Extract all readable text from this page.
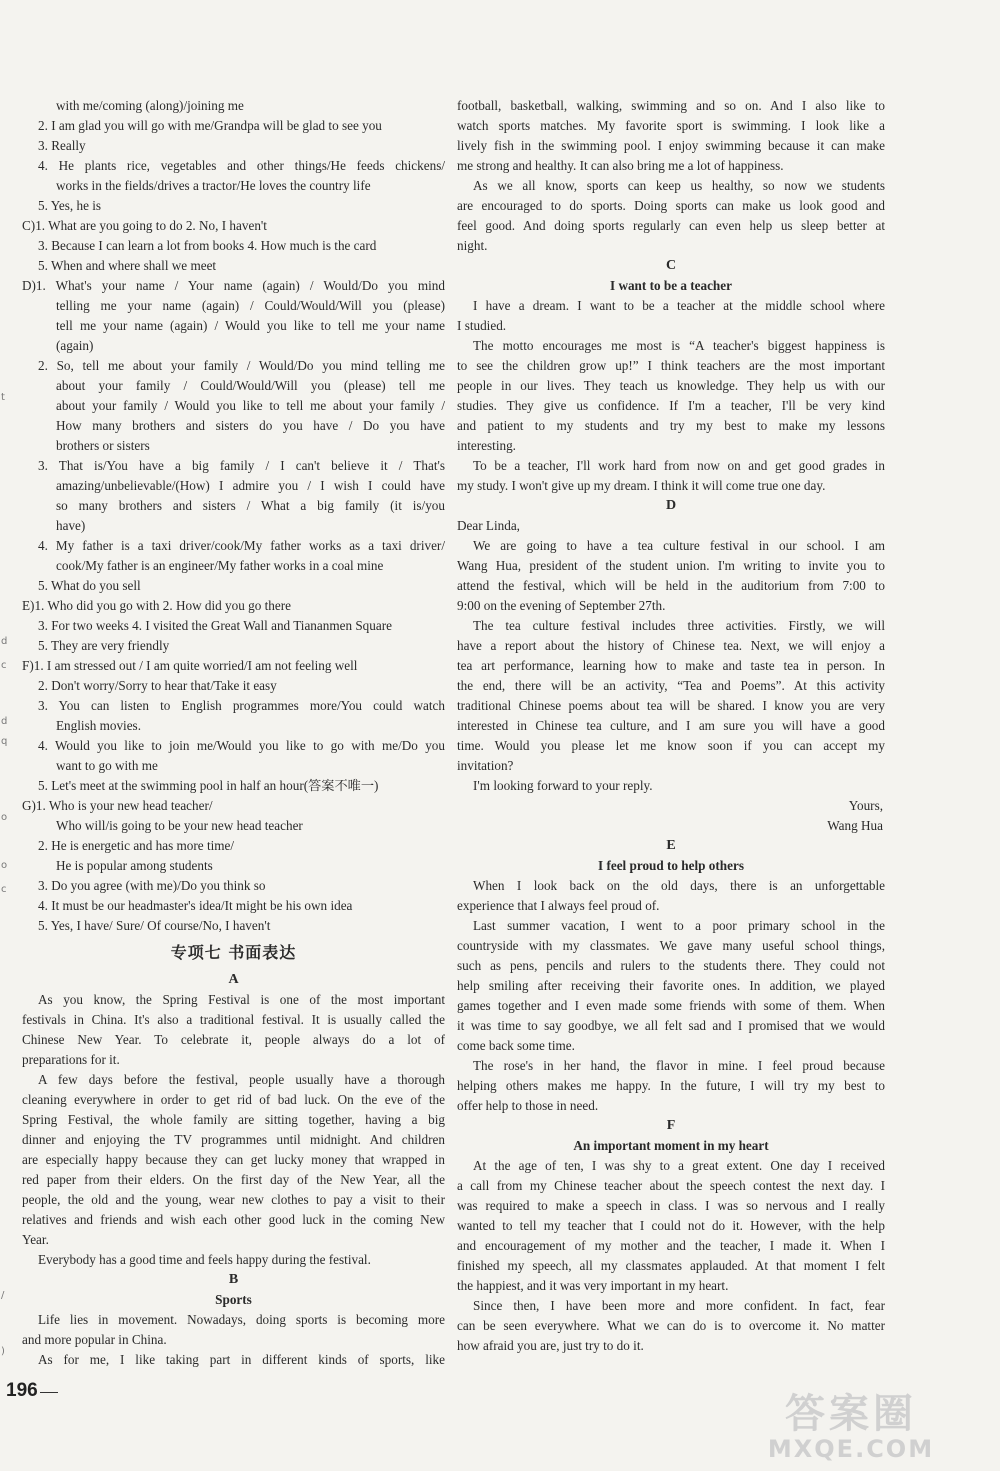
with me/coming (along)/joining me
2. I am glad you will go with me/Grandpa will be glad to see you
3. Really
4. He plants rice, vegetables and other things/He feeds chickens/
works in the fields/drives a tractor/He loves the country life
5. Yes, he is
C)1. What are you going to do 2. No, I haven't
3. Because I can learn a lot from books 4. How much is the card
5. When and where shall we meet
D)1. What's your name / Your name (again) / Would/Do you mind
telling me your name (again) / Could/Would/Will you (please)
tell me your name (again) / Would you like to tell me your name
(again)
2. So, tell me about your family / Would/Do you mind telling me
about your family / Could/Would/Will you (please) tell me
about your family / Would you like to tell me about your family /
How many brothers and sisters do you have / Do you have
brothers or sisters
3. That is/You have a big family / I can't believe it / That's
amazing/unbelievable/(How) I admire you / I wish I could have
so many brothers and sisters / What a big family (it is/you
have)
4. My father is a taxi driver/cook/My father works as a taxi driver/
cook/My father is an engineer/My father works in a coal mine
5. What do you sell
E)1. Who did you go with 2. How did you go there
3. For two weeks 4. I visited the Great Wall and Tiananmen Square
5. They are very friendly
F)1. I am stressed out / I am quite worried/I am not feeling well
2. Don't worry/Sorry to hear that/Take it easy
3. You can listen to English programmes more/You could watch
English movies.
4. Would you like to join me/Would you like to go with me/Do you
want to go with me
5. Let's meet at the swimming pool in half an hour(答案不唯一)
G)1. Who is your new head teacher/
Who will/is going to be your new head teacher
2. He is energetic and has more time/
He is popular among students
3. Do you agree (with me)/Do you think so
4. It must be our headmaster's idea/It might be his own idea
5. Yes, I have/ Sure/ Of course/No, I haven't
专项七 书面表达
A
As you know, the Spring Festival is one of the most important
festivals in China. It's also a traditional festival. It is usually called the
Chinese New Year. To celebrate it, people always do a lot of
preparations for it.
A few days before the festival, people usually have a thorough
cleaning everywhere in order to get rid of bad luck. On the eve of the
Spring Festival, the whole family are sitting together, having a big
dinner and enjoying the TV programmes until midnight. And children
are especially happy because they can get lucky money that wrapped in
red paper from their elders. On the first day of the New Year, all the
people, the old and the young, wear new clothes to pay a visit to their
relatives and friends and wish each other good luck in the coming New
Year.
Everybody has a good time and feels happy during the festival.
B
Sports
Life lies in movement. Nowadays, doing sports is becoming more
and more popular in China.
As for me, I like taking part in different kinds of sports, like
football, basketball, walking, swimming and so on. And I also like to
watch sports matches. My favorite sport is swimming. I look like a
lively fish in the swimming pool. I enjoy swimming because it can make
me strong and healthy. It can also bring me a lot of happiness.
As we all know, sports can keep us healthy, so now we students
are encouraged to do sports. Doing sports can make us look good and
feel good. And doing sports regularly can even help us sleep better at
night.
C
I want to be a teacher
I have a dream. I want to be a teacher at the middle school where
I studied.
The motto encourages me most is “A teacher's biggest happiness is
to see the children grow up!” I think teachers are the most important
people in our lives. They teach us knowledge. They help us with our
studies. They give us confidence. If I'm a teacher, I'll be very kind
and patient to my students and try my best to make my lessons
interesting.
To be a teacher, I'll work hard from now on and get good grades in
my study. I won't give up my dream. I think it will come true one day.
D
Dear Linda,
We are going to have a tea culture festival in our school. I am
Wang Hua, president of the student union. I'm writing to invite you to
attend the festival, which will be held in the auditorium from 7:00 to
9:00 on the evening of September 27th.
The tea culture festival includes three activities. Firstly, we will
have a report about the history of Chinese tea. Next, we will enjoy a
tea art performance, learning how to make and taste tea in person. In
the end, there will be an activity, “Tea and Poems”. At this activity
traditional Chinese poems about tea will be shared. I know you are very
interested in Chinese tea culture, and I am sure you will have a good
time. Would you please let me know soon if you can accept my
invitation?
I'm looking forward to your reply.
Yours,
Wang Hua
E
I feel proud to help others
When I look back on the old days, there is an unforgettable
experience that I always feel proud of.
Last summer vacation, I went to a poor primary school in the
countryside with my classmates. We gave many useful school things,
such as pens, pencils and rulers to the students there. They could not
help smiling after receiving their favorite ones. In addition, we played
games together and I even made some friends with some of them. When
it was time to say goodbye, we all felt sad and I promised that we would
come back some time.
The rose's in her hand, the flavor in mine. I feel proud because
helping others makes me happy. In the future, I will try my best to
offer help to those in need.
F
An important moment in my heart
At the age of ten, I was shy to a great extent. One day I received
a call from my Chinese teacher about the speech contest the next day. I
was required to make a speech in class. I was so nervous and I really
wanted to tell my teacher that I could not do it. However, with the help
and encouragement of my mother and the teacher, I made it. When I
finished my speech, all my classmates applauded. At that moment I felt
the happiest, and it was very important in my heart.
Since then, I have been more and more confident. In fact, fear
can be seen everywhere. What we can do is to overcome it. No matter
how afraid you are, just try to do it.
t
d
c
d
q
o
o
c
/
)
196
答案圈
MXQE.COM
